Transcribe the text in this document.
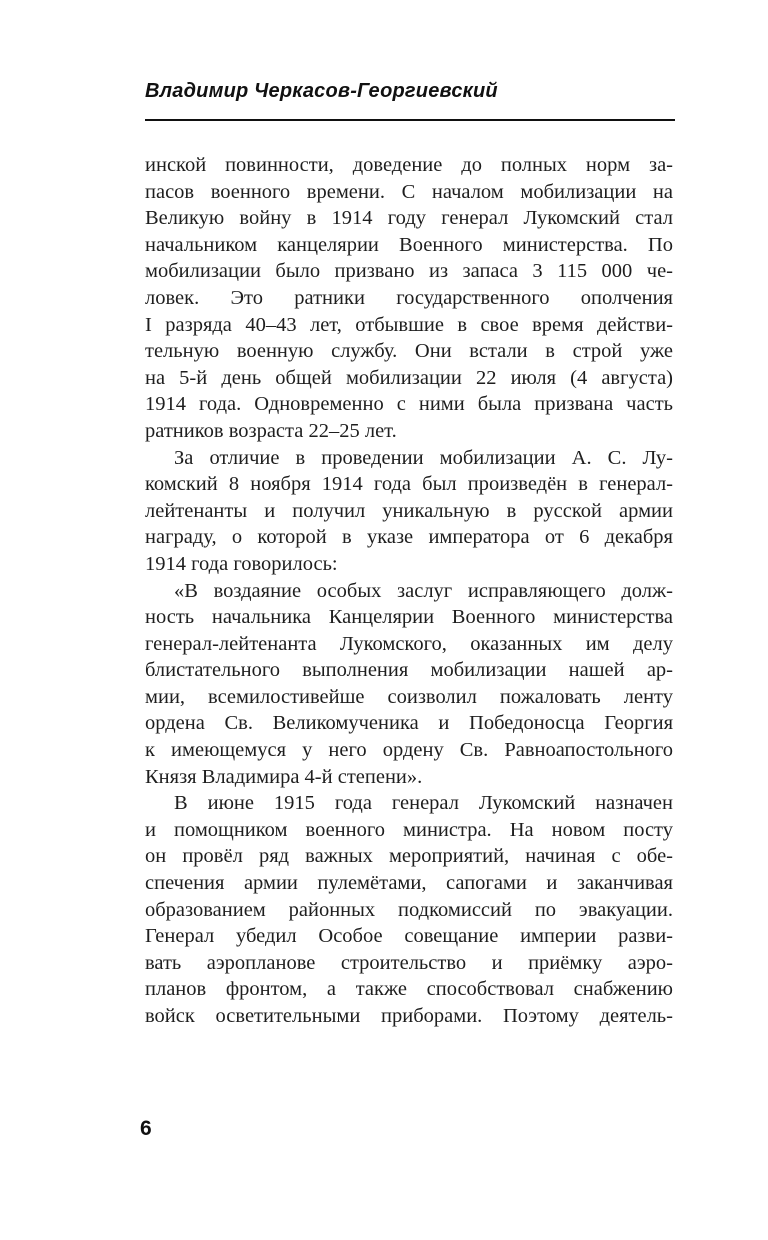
Владимир Черкасов-Георгиевский
инской повинности, доведение до полных норм за-
пасов военного времени. С началом мобилизации на
Великую войну в 1914 году генерал Лукомский стал
начальником канцелярии Военного министерства. По
мобилизации было призвано из запаса 3 115 000 че-
ловек. Это ратники государственного ополчения
I разряда 40–43 лет, отбывшие в свое время действи-
тельную военную службу. Они встали в строй уже
на 5-й день общей мобилизации 22 июля (4 августа)
1914 года. Одновременно с ними была призвана часть
ратников возраста 22–25 лет.
За отличие в проведении мобилизации А. С. Лу-
комский 8 ноября 1914 года был произведён в генерал-
лейтенанты и получил уникальную в русской армии
награду, о которой в указе императора от 6 декабря
1914 года говорилось:
«В воздаяние особых заслуг исправляющего долж-
ность начальника Канцелярии Военного министерства
генерал-лейтенанта Лукомского, оказанных им делу
блистательного выполнения мобилизации нашей ар-
мии, всемилостивейше соизволил пожаловать ленту
ордена Св. Великомученика и Победоносца Георгия
к имеющемуся у него ордену Св. Равноапостольного
Князя Владимира 4-й степени».
В июне 1915 года генерал Лукомский назначен
и помощником военного министра. На новом посту
он провёл ряд важных мероприятий, начиная с обе-
спечения армии пулемётами, сапогами и заканчивая
образованием районных подкомиссий по эвакуации.
Генерал убедил Особое совещание империи разви-
вать аэропланове строительство и приёмку аэро-
планов фронтом, а также способствовал снабжению
войск осветительными приборами. Поэтому деятель-
6
